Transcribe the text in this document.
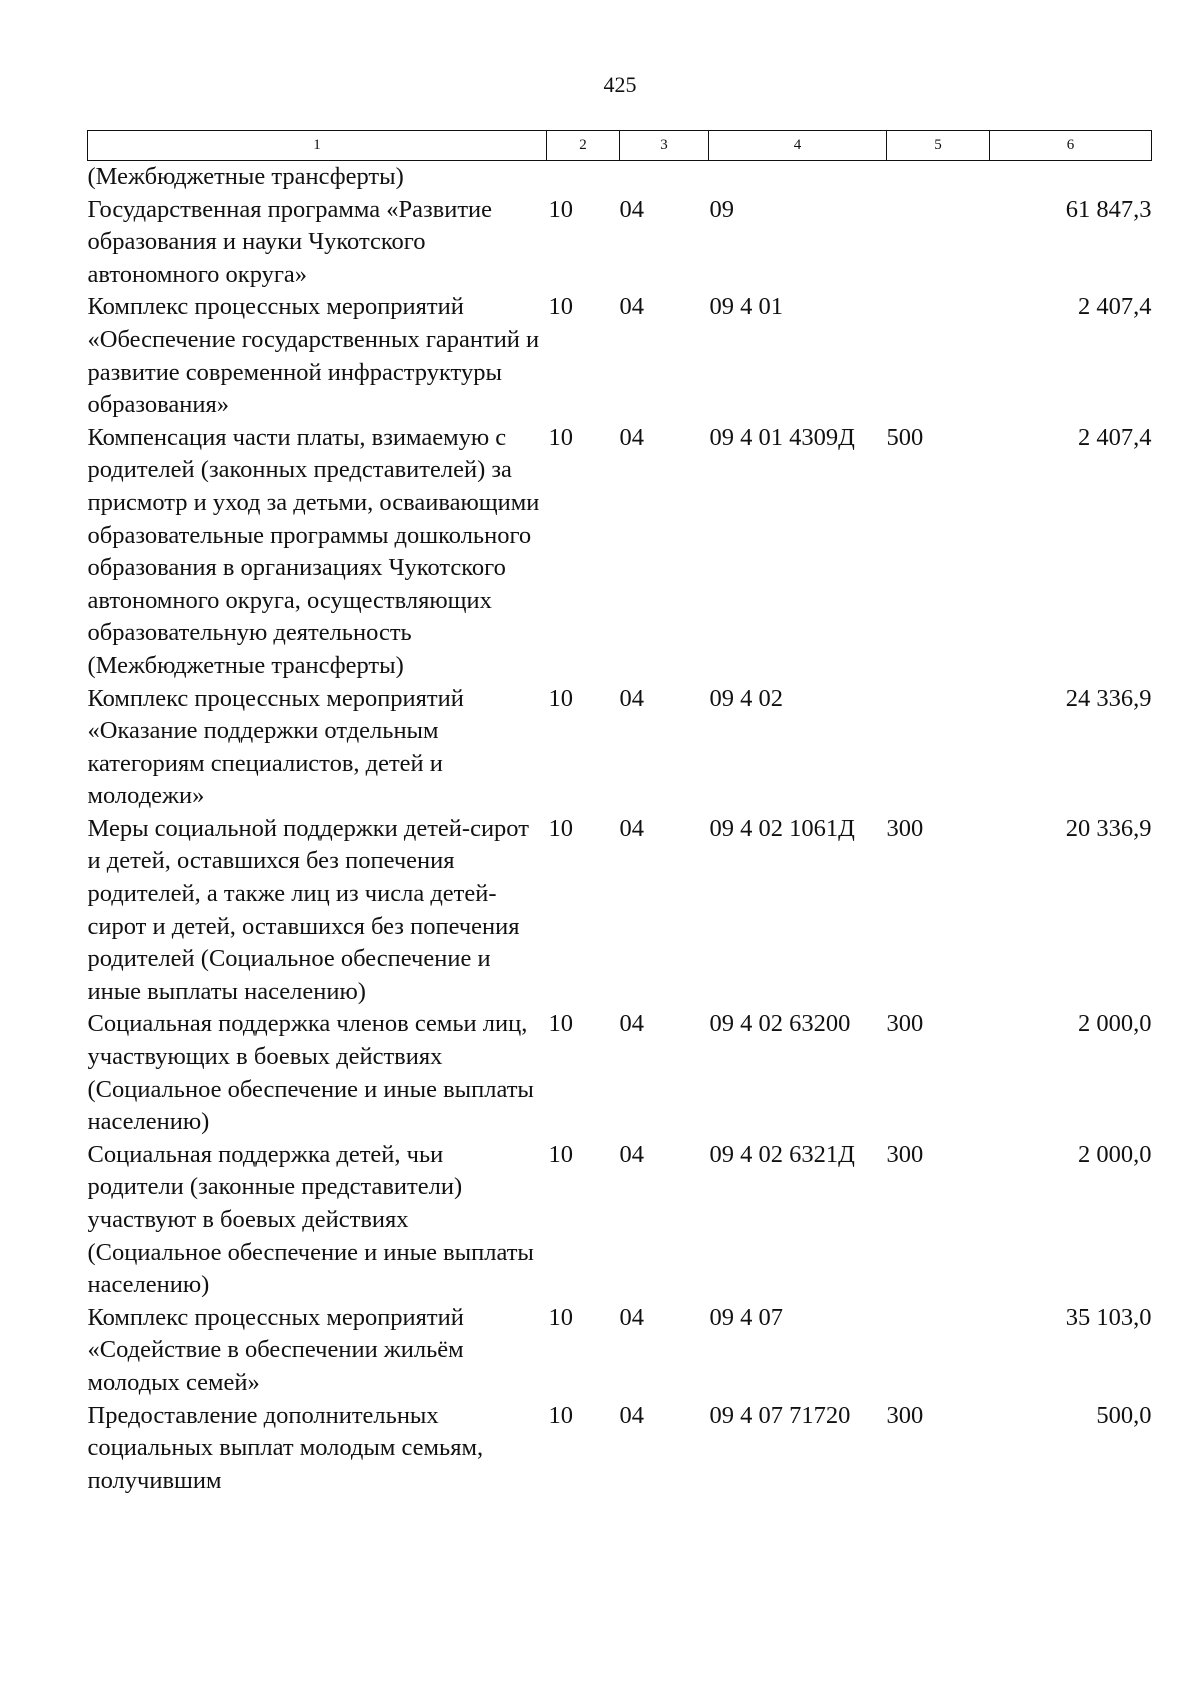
425
1	2	3	4	5	6
(Межбюджетные трансферты)					
Государственная программа «Развитие образования и науки Чукотского автономного округа»	10	04	09		61 847,3
Комплекс процессных мероприятий «Обеспечение государственных гарантий и развитие современной инфраструктуры образования»	10	04	09 4 01		2 407,4
Компенсация части платы, взимаемую с родителей (законных представителей) за присмотр и уход за детьми, осваивающими образовательные программы дошкольного образования в организациях Чукотского автономного округа, осуществляющих образовательную деятельность (Межбюджетные трансферты)	10	04	09 4 01 4309Д	500	2 407,4
Комплекс процессных мероприятий «Оказание поддержки отдельным категориям специалистов, детей и молодежи»	10	04	09 4 02		24 336,9
Меры социальной поддержки детей-сирот и детей, оставшихся без попечения родителей, а также лиц из числа детей-сирот и детей, оставшихся без попечения родителей (Социальное обеспечение и иные выплаты населению)	10	04	09 4 02 1061Д	300	20 336,9
Социальная поддержка членов семьи лиц, участвующих в боевых действиях (Социальное обеспечение и иные выплаты населению)	10	04	09 4 02 63200	300	2 000,0
Социальная поддержка детей, чьи родители (законные представители) участвуют в боевых действиях (Социальное обеспечение и иные выплаты населению)	10	04	09 4 02 6321Д	300	2 000,0
Комплекс процессных мероприятий «Содействие в обеспечении жильём молодых семей»	10	04	09 4 07		35 103,0
Предоставление дополнительных социальных выплат молодым семьям, получившим	10	04	09 4 07 71720	300	500,0
